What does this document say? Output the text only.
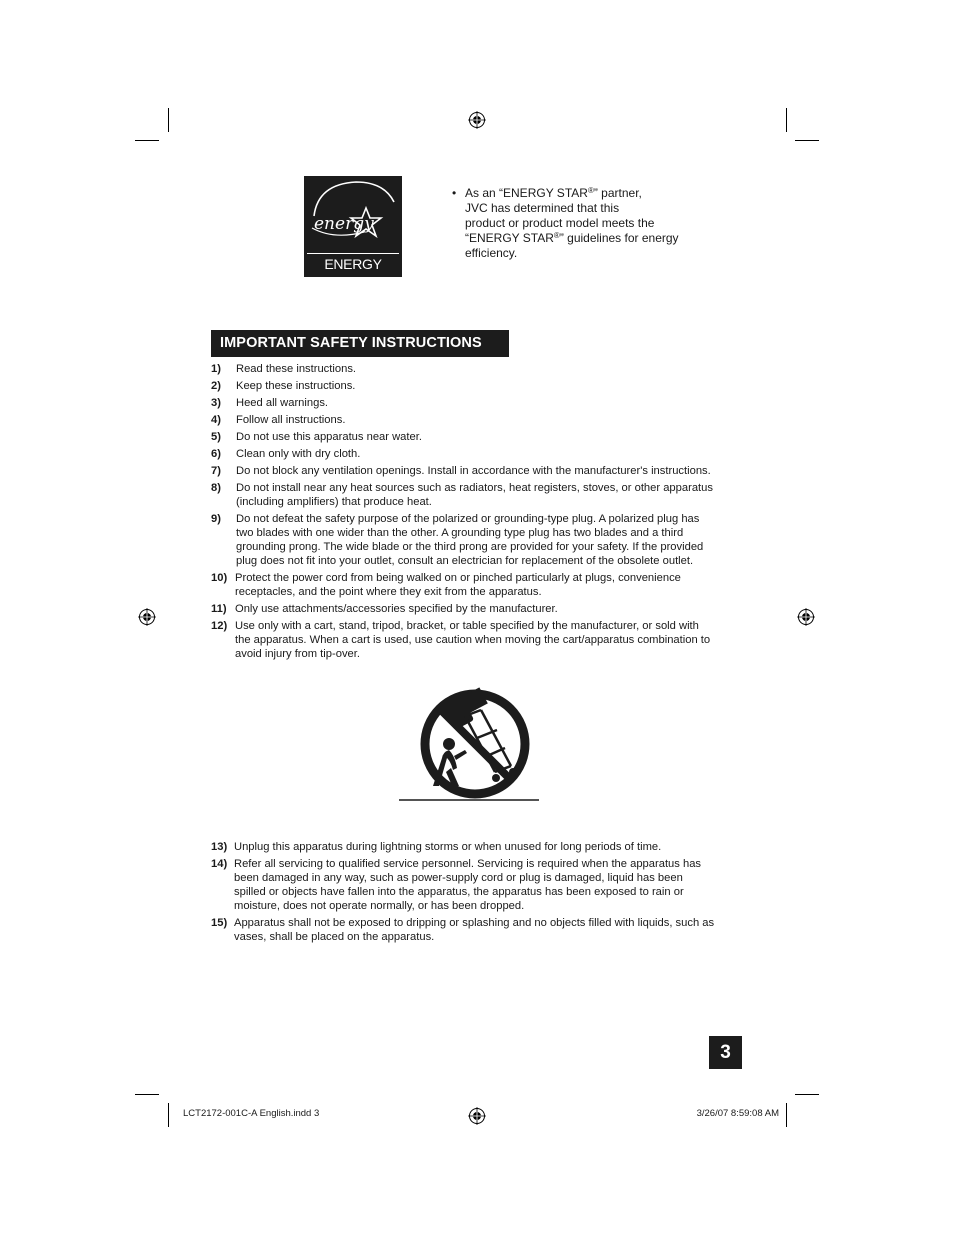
energy
ENERGY STAR
• As an “ENERGY STAR®” partner,
JVC has determined that this
product or product model meets the
“ENERGY STAR®” guidelines for energy
efficiency.
IMPORTANT SAFETY INSTRUCTIONS
1) Read these instructions.
2) Keep these instructions.
3) Heed all warnings.
4) Follow all instructions.
5) Do not use this apparatus near water.
6) Clean only with dry cloth.
7) Do not block any ventilation openings. Install in accordance with the manufacturer's instructions.
8) Do not install near any heat sources such as radiators, heat registers, stoves, or other apparatus
(including amplifiers) that produce heat.
9) Do not defeat the safety purpose of the polarized or grounding-type plug. A polarized plug has
two blades with one wider than the other. A grounding type plug has two blades and a third
grounding prong. The wide blade or the third prong are provided for your safety. If the provided
plug does not fit into your outlet, consult an electrician for replacement of the obsolete outlet.
10) Protect the power cord from being walked on or pinched particularly at plugs, convenience
receptacles, and the point where they exit from the apparatus.
11) Only use attachments/accessories specified by the manufacturer.
12) Use only with a cart, stand, tripod, bracket, or table specified by the manufacturer, or sold with
the apparatus. When a cart is used, use caution when moving the cart/apparatus combination to
avoid injury from tip-over.
13) Unplug this apparatus during lightning storms or when unused for long periods of time.
14) Refer all servicing to qualified service personnel. Servicing is required when the apparatus has
been damaged in any way, such as power-supply cord or plug is damaged, liquid has been
spilled or objects have fallen into the apparatus, the apparatus has been exposed to rain or
moisture, does not operate normally, or has been dropped.
15) Apparatus shall not be exposed to dripping or splashing and no objects filled with liquids, such as
vases, shall be placed on the apparatus.
3
LCT2172-001C-A English.indd 3	3/26/07 8:59:08 AM
